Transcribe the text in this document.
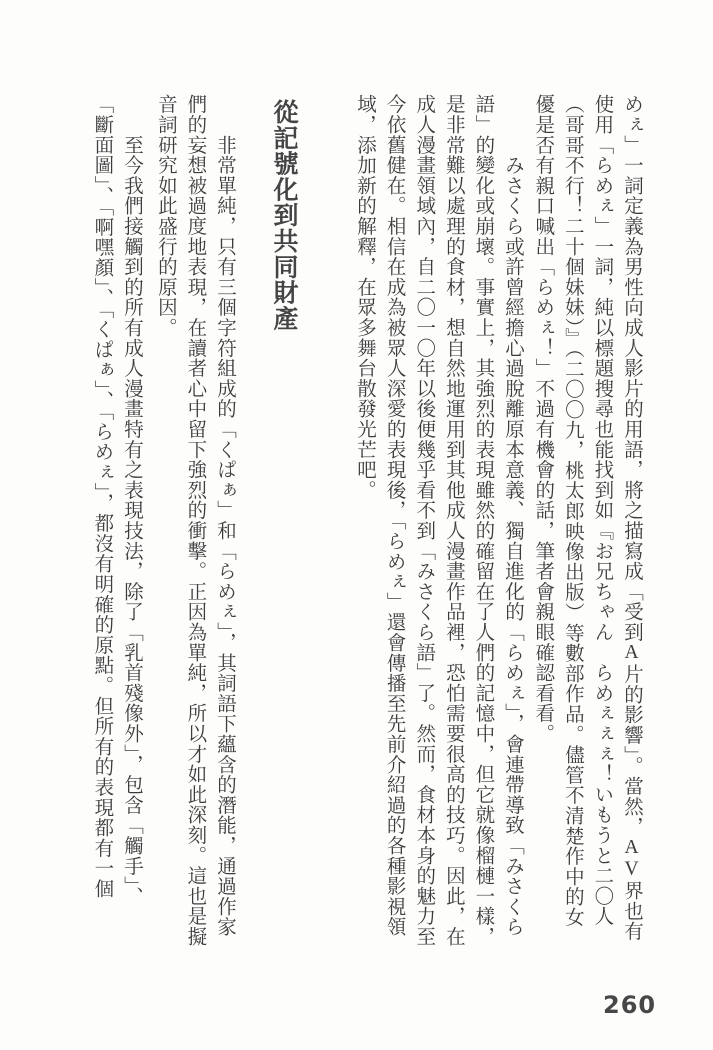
めぇ」一詞定義為男性向成人影片的用語，將之描寫成「受到A片的影響」。當然，AV界也有
使用「らめぇ」一詞，純以標題搜尋也能找到如『お兄ちゃん　らめぇぇぇ！いもうと二〇人
（哥哥不行！二十個妹妹）』（二〇〇九，桃太郎映像出版）等數部作品。儘管不清楚作中的女
優是否有親口喊出「らめぇ！」不過有機會的話，筆者會親眼確認看看。
　　　みさくら或許曾經擔心過脫離原本意義、獨自進化的「らめぇ」，會連帶導致「みさくら
語」的變化或崩壞。事實上，其強烈的表現雖然的確留在了人們的記憶中，但它就像榴槤一樣，
是非常難以處理的食材，想自然地運用到其他成人漫畫作品裡，恐怕需要很高的技巧。因此，在
成人漫畫領域內，自二〇一〇年以後便幾乎看不到「みさくら語」了。然而，食材本身的魅力至
今依舊健在。相信在成為被眾人深愛的表現後，「らめぇ」還會傳播至先前介紹過的各種影視領
域，添加新的解釋，在眾多舞台散發光芒吧。
從記號化到共同財產
　　非常單純，只有三個字符組成的「くぱぁ」和「らめぇ」，其詞語下蘊含的潛能，通過作家
們的妄想被過度地表現，在讀者心中留下強烈的衝擊。正因為單純，所以才如此深刻。這也是擬
音詞研究如此盛行的原因。
　　至今我們接觸到的所有成人漫畫特有之表現技法，除了「乳首殘像外」，包含「觸手」、
「斷面圖」、「啊嘿顏」、「くぱぁ」、「らめぇ」，都沒有明確的原點。但所有的表現都有一個
260
